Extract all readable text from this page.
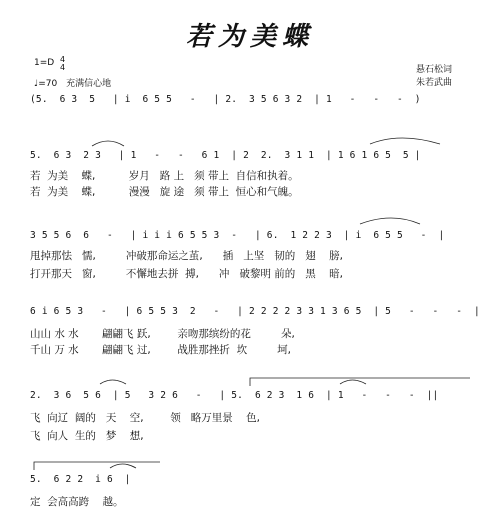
若为美蝶
悬石松词
朱若武曲
1=D 4
4
♩=70 充满信心地
(5.  6 3  5   | i  6 5 5   -   | 2.  3 5 6 3 2  | 1   -   -   -  )
5.  6 3  2 3   | 1   -   -   6 1  | 2  2.  3 1 1  | 1 6 1 6 5  5 |
若  为美    蝶,          岁月   路 上   须 带上  自信和执着。
若  为美    蝶,          漫漫   旋 途   须 带上  恒心和气魄。
3 5 5 6  6   -   | i i i 6 5 5 3  -   | 6.  1 2 2 3  | i  6 5 5   -  |
甩掉那怯   懦,         冲破那命运之茧,      插   上坚   韧的   翅    膀,
打开那天   窗,         不懈地去拼  搏,      冲   破黎明 前的   黑    暗,
6 i 6 5 3   -   | 6 5 5 3  2   -   | 2 2 2 2 3 3 1 3 6 5  | 5   -   -   -  |
山山 水 水       翩翩飞 跃,        亲吻那缤纷的花         朵,
千山 万 水       翩翩飞 过,        战胜那挫折  坎         坷,
2.  3 6  5 6  | 5   3 2 6   -   | 5.  6 2 3  1 6  | 1   -   -   -  ||
飞  向辽  阔的   天    空,        领   略万里景    色,
飞  向人  生的   梦    想,
5.  6 2 2  i 6  |
定  会高高跨    越。
